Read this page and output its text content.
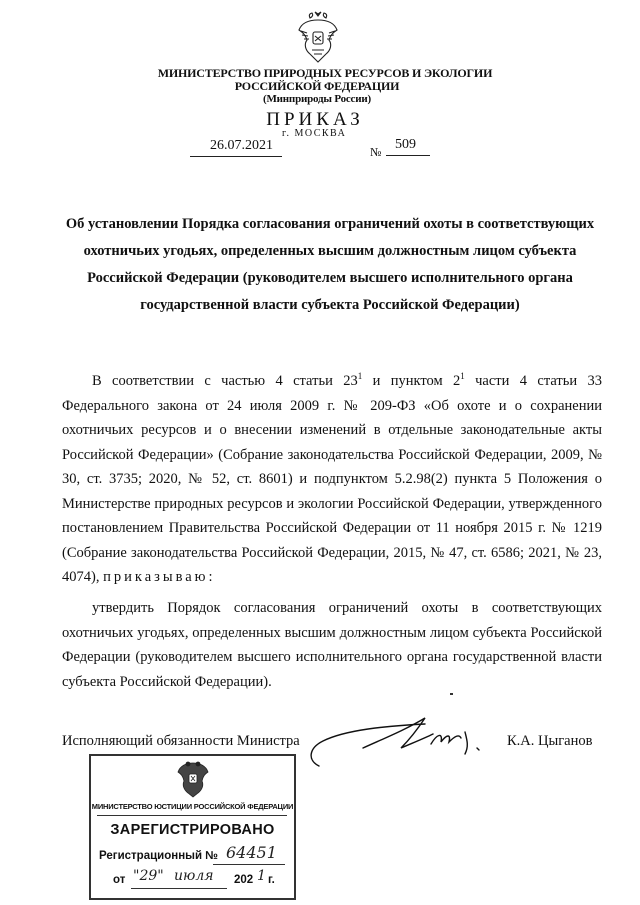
МИНИСТЕРСТВО ПРИРОДНЫХ РЕСУРСОВ И ЭКОЛОГИИ
РОССИЙСКОЙ ФЕДЕРАЦИИ
(Минприроды России)
ПРИКАЗ
г. МОСКВА
26.07.2021	№ 509
Об установлении Порядка согласования ограничений охоты в соответствующих охотничьих угодьях, определенных высшим должностным лицом субъекта Российской Федерации (руководителем высшего исполнительного органа государственной власти субъекта Российской Федерации)
В соответствии с частью 4 статьи $23^1$ и пунктом $2^1$ части 4 статьи 33 Федерального закона от 24 июля 2009 г. № 209-ФЗ «Об охоте и о сохранении охотничьих ресурсов и о внесении изменений в отдельные законодательные акты Российской Федерации» (Собрание законодательства Российской Федерации, 2009, № 30, ст. 3735; 2020, № 52, ст. 8601) и подпунктом 5.2.98(2) пункта 5 Положения о Министерстве природных ресурсов и экологии Российской Федерации, утвержденного постановлением Правительства Российской Федерации от 11 ноября 2015 г. № 1219 (Собрание законодательства Российской Федерации, 2015, № 47, ст. 6586; 2021, № 23, 4074), приказываю:
утвердить Порядок согласования ограничений охоты в соответствующих охотничьих угодьях, определенных высшим должностным лицом субъекта Российской Федерации (руководителем высшего исполнительного органа государственной власти субъекта Российской Федерации).
Исполняющий обязанности Министра	К.А. Цыганов
МИНИСТЕРСТВО ЮСТИЦИИ РОССИЙСКОЙ ФЕДЕРАЦИИ
ЗАРЕГИСТРИРОВАНО
Регистрационный № 64451
от "29" июля 202 1 г.
